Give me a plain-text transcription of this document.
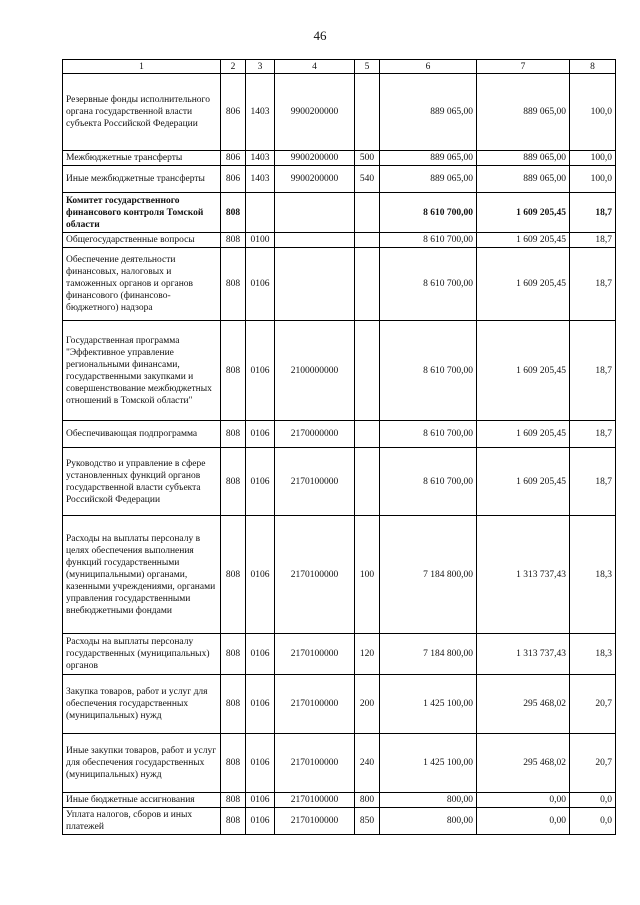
46
1	2	3	4	5	6	7	8
Резервные фонды исполнительного органа государственной власти субъекта Российской Федерации	806	1403	9900200000		889 065,00	889 065,00	100,0
Межбюджетные трансферты	806	1403	9900200000	500	889 065,00	889 065,00	100,0
Иные межбюджетные трансферты	806	1403	9900200000	540	889 065,00	889 065,00	100,0
Комитет государственного финансового контроля Томской области	808				8 610 700,00	1 609 205,45	18,7
Общегосударственные вопросы	808	0100			8 610 700,00	1 609 205,45	18,7
Обеспечение деятельности финансовых, налоговых и таможенных органов и органов финансового (финансово-бюджетного) надзора	808	0106			8 610 700,00	1 609 205,45	18,7
Государственная программа "Эффективное управление региональными финансами, государственными закупками и совершенствование межбюджетных отношений в Томской области"	808	0106	2100000000		8 610 700,00	1 609 205,45	18,7
Обеспечивающая подпрограмма	808	0106	2170000000		8 610 700,00	1 609 205,45	18,7
Руководство и управление в сфере установленных функций органов государственной власти субъекта Российской Федерации	808	0106	2170100000		8 610 700,00	1 609 205,45	18,7
Расходы на выплаты персоналу в целях обеспечения выполнения функций государственными (муниципальными) органами, казенными учреждениями, органами управления государственными внебюджетными фондами	808	0106	2170100000	100	7 184 800,00	1 313 737,43	18,3
Расходы на выплаты персоналу государственных (муниципальных) органов	808	0106	2170100000	120	7 184 800,00	1 313 737,43	18,3
Закупка товаров, работ и услуг для обеспечения государственных (муниципальных) нужд	808	0106	2170100000	200	1 425 100,00	295 468,02	20,7
Иные закупки товаров, работ и услуг для обеспечения государственных (муниципальных) нужд	808	0106	2170100000	240	1 425 100,00	295 468,02	20,7
Иные бюджетные ассигнования	808	0106	2170100000	800	800,00	0,00	0,0
Уплата налогов, сборов и иных платежей	808	0106	2170100000	850	800,00	0,00	0,0
